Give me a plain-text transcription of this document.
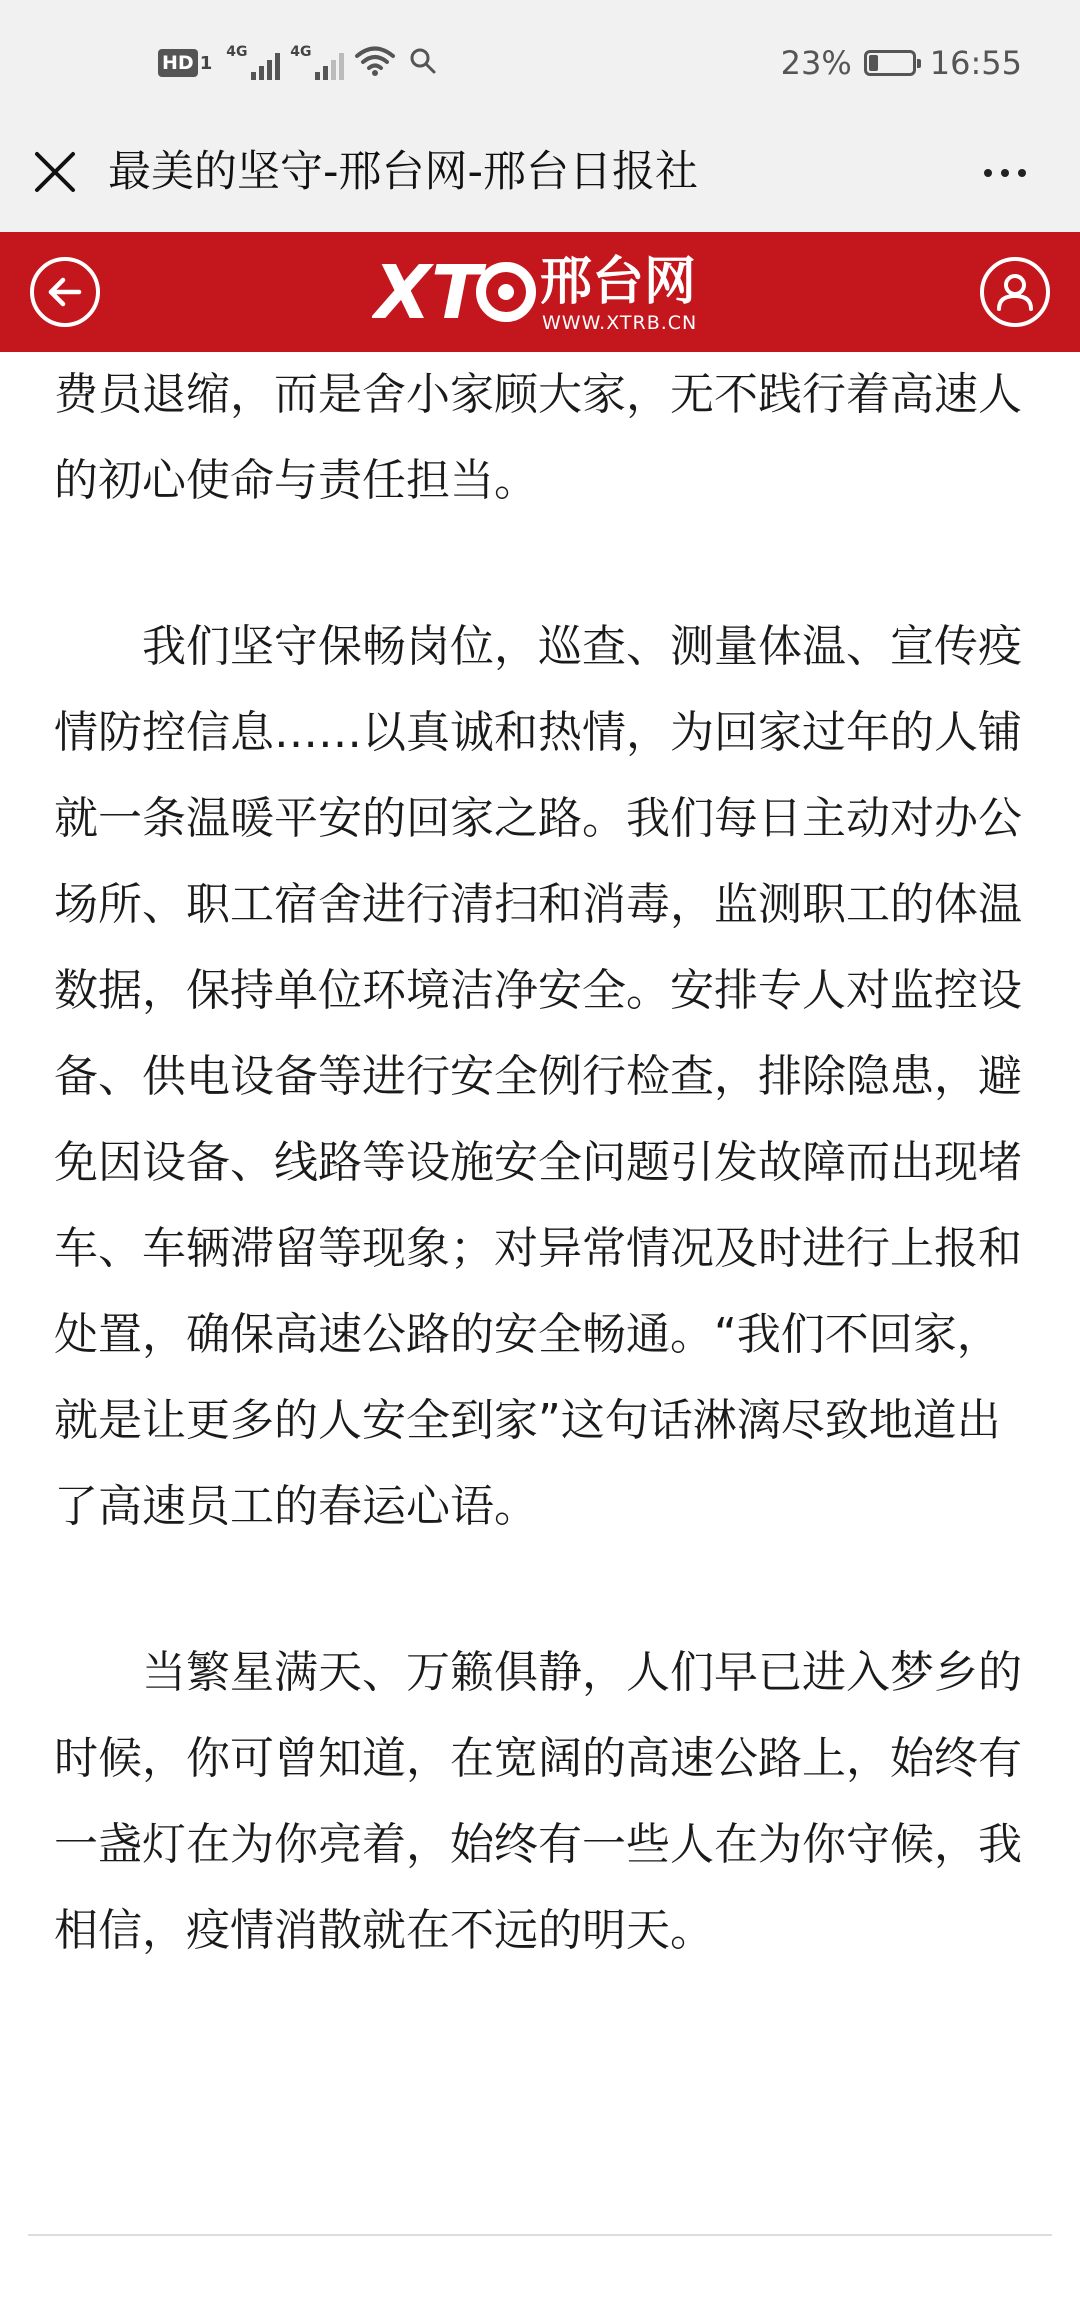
HD 1
4G	4G	23% 16:55
最美的坚守-邢台网-邢台日报社
XT 邢台网
WWW.XTRB.CN

费员退缩，而是舍小家顾大家，无不践行着高速人的初心使命与责任担当。

我们坚守保畅岗位，巡查、测量体温、宣传疫情防控信息……以真诚和热情，为回家过年的人铺就一条温暖平安的回家之路。我们每日主动对办公场所、职工宿舍进行清扫和消毒，监测职工的体温数据，保持单位环境洁净安全。安排专人对监控设备、供电设备等进行安全例行检查，排除隐患，避免因设备、线路等设施安全问题引发故障而出现堵车、车辆滞留等现象；对异常情况及时进行上报和处置，确保高速公路的安全畅通。“我们不回家，就是让更多的人安全到家”这句话淋漓尽致地道出了高速员工的春运心语。

当繁星满天、万籁俱静，人们早已进入梦乡的时候，你可曾知道，在宽阔的高速公路上，始终有一盏灯在为你亮着，始终有一些人在为你守候，我相信，疫情消散就在不远的明天。
